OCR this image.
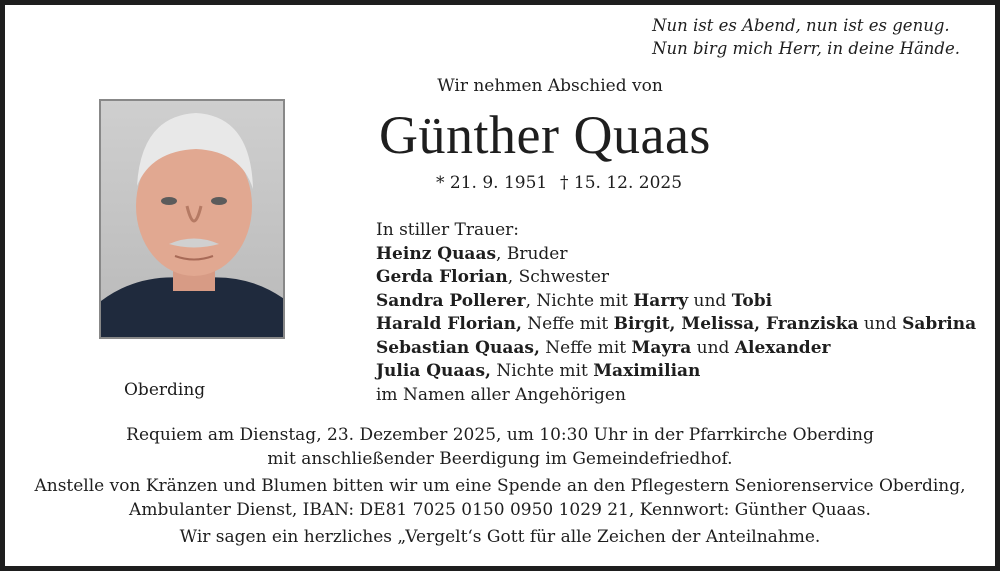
Nun ist es Abend, nun ist es genug.
Nun birg mich Herr, in deine Hände.
Wir nehmen Abschied von
Günther Quaas
* 21. 9. 1951 † 15. 12. 2025
Oberding
In stiller Trauer:
Heinz Quaas, Bruder
Gerda Florian, Schwester
Sandra Pollerer, Nichte mit Harry und Tobi
Harald Florian, Neffe mit Birgit, Melissa, Franziska und Sabrina
Sebastian Quaas, Neffe mit Mayra und Alexander
Julia Quaas, Nichte mit Maximilian
im Namen aller Angehörigen
Requiem am Dienstag, 23. Dezember 2025, um 10:30 Uhr in der Pfarrkirche Oberding
mit anschließender Beerdigung im Gemeindefriedhof.
Anstelle von Kränzen und Blumen bitten wir um eine Spende an den Pflegestern Seniorenservice Oberding,
Ambulanter Dienst, IBAN: DE81 7025 0150 0950 1029 21, Kennwort: Günther Quaas.
Wir sagen ein herzliches „Vergelt‘s Gott für alle Zeichen der Anteilnahme.
